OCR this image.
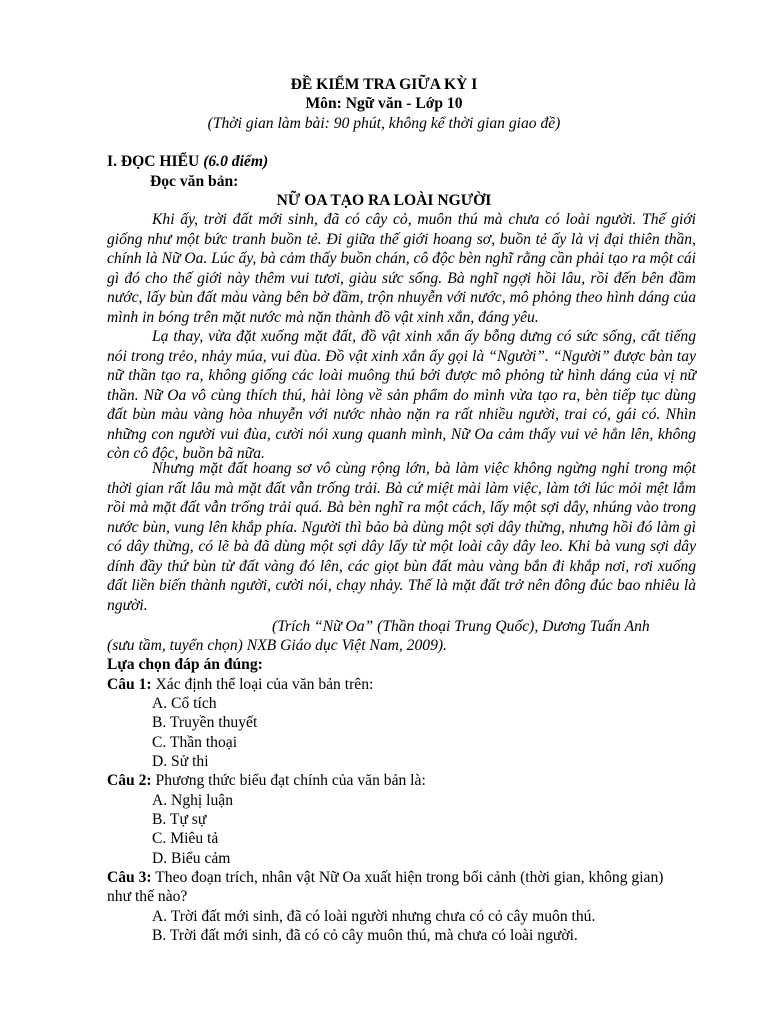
ĐỀ KIỂM TRA GIỮA KỲ I
Môn: Ngữ văn - Lớp 10
(Thời gian làm bài: 90 phút, không kể thời gian giao đề)
I. ĐỌC HIỂU (6.0 điểm)
Đọc văn bản:
NỮ OA TẠO RA LOÀI NGƯỜI
Khi ấy, trời đất mới sinh, đã có cây cỏ, muôn thú mà chưa có loài người. Thế giới giống như một bức tranh buồn tẻ. Đi giữa thế giới hoang sơ, buồn tẻ ấy là vị đại thiên thần, chính là Nữ Oa. Lúc ấy, bà cảm thấy buồn chán, cô độc bèn nghĩ rằng cần phải tạo ra một cái gì đó cho thế giới này thêm vui tươi, giàu sức sống. Bà nghĩ ngợi hồi lâu, rồi đến bên đầm nước, lấy bùn đất màu vàng bên bờ đầm, trộn nhuyễn với nước, mô phỏng theo hình dáng của mình in bóng trên mặt nước mà nặn thành đồ vật xinh xắn, đáng yêu.
Lạ thay, vừa đặt xuống mặt đất, đồ vật xinh xắn ấy bỗng dưng có sức sống, cất tiếng nói trong trẻo, nhảy múa, vui đùa. Đồ vật xinh xắn ấy gọi là “Người”. “Người” được bàn tay nữ thần tạo ra, không giống các loài muông thú bởi được mô phỏng từ hình dáng của vị nữ thần. Nữ Oa vô cùng thích thú, hài lòng về sản phẩm do mình vừa tạo ra, bèn tiếp tục dùng đất bùn màu vàng hòa nhuyễn với nước nhào nặn ra rất nhiều người, trai có, gái có. Nhìn những con người vui đùa, cười nói xung quanh mình, Nữ Oa cảm thấy vui vẻ hẳn lên, không còn cô độc, buồn bã nữa.
Nhưng mặt đất hoang sơ vô cùng rộng lớn, bà làm việc không ngừng nghỉ trong một thời gian rất lâu mà mặt đất vẫn trống trải. Bà cứ miệt mài làm việc, làm tới lúc mỏi mệt lắm rồi mà mặt đất vẫn trống trải quá. Bà bèn nghĩ ra một cách, lấy một sợi dây, nhúng vào trong nước bùn, vung lên khắp phía. Người thì bảo bà dùng một sợi dây thừng, nhưng hồi đó làm gì có dây thừng, có lẽ bà đã dùng một sợi dây lấy từ một loài cây dây leo. Khi bà vung sợi dây dính đầy thứ bùn từ đất vàng đó lên, các giọt bùn đất màu vàng bắn đi khắp nơi, rơi xuống đất liền biến thành người, cười nói, chạy nhảy. Thế là mặt đất trở nên đông đúc bao nhiêu là người.
(Trích “Nữ Oa” (Thần thoại Trung Quốc), Dương Tuấn Anh
(sưu tầm, tuyển chọn) NXB Giáo dục Việt Nam, 2009).
Lựa chọn đáp án đúng:
Câu 1: Xác định thể loại của văn bản trên:
A. Cổ tích
B. Truyền thuyết
C. Thần thoại
D. Sử thi
Câu 2: Phương thức biểu đạt chính của văn bản là:
A. Nghị luận
B. Tự sự
C. Miêu tả
D. Biểu cảm
Câu 3: Theo đoạn trích, nhân vật Nữ Oa xuất hiện trong bối cảnh (thời gian, không gian)
như thế nào?
A. Trời đất mới sinh, đã có loài người nhưng chưa có cỏ cây muôn thú.
B. Trời đất mới sinh, đã có cỏ cây muôn thú, mà chưa có loài người.
